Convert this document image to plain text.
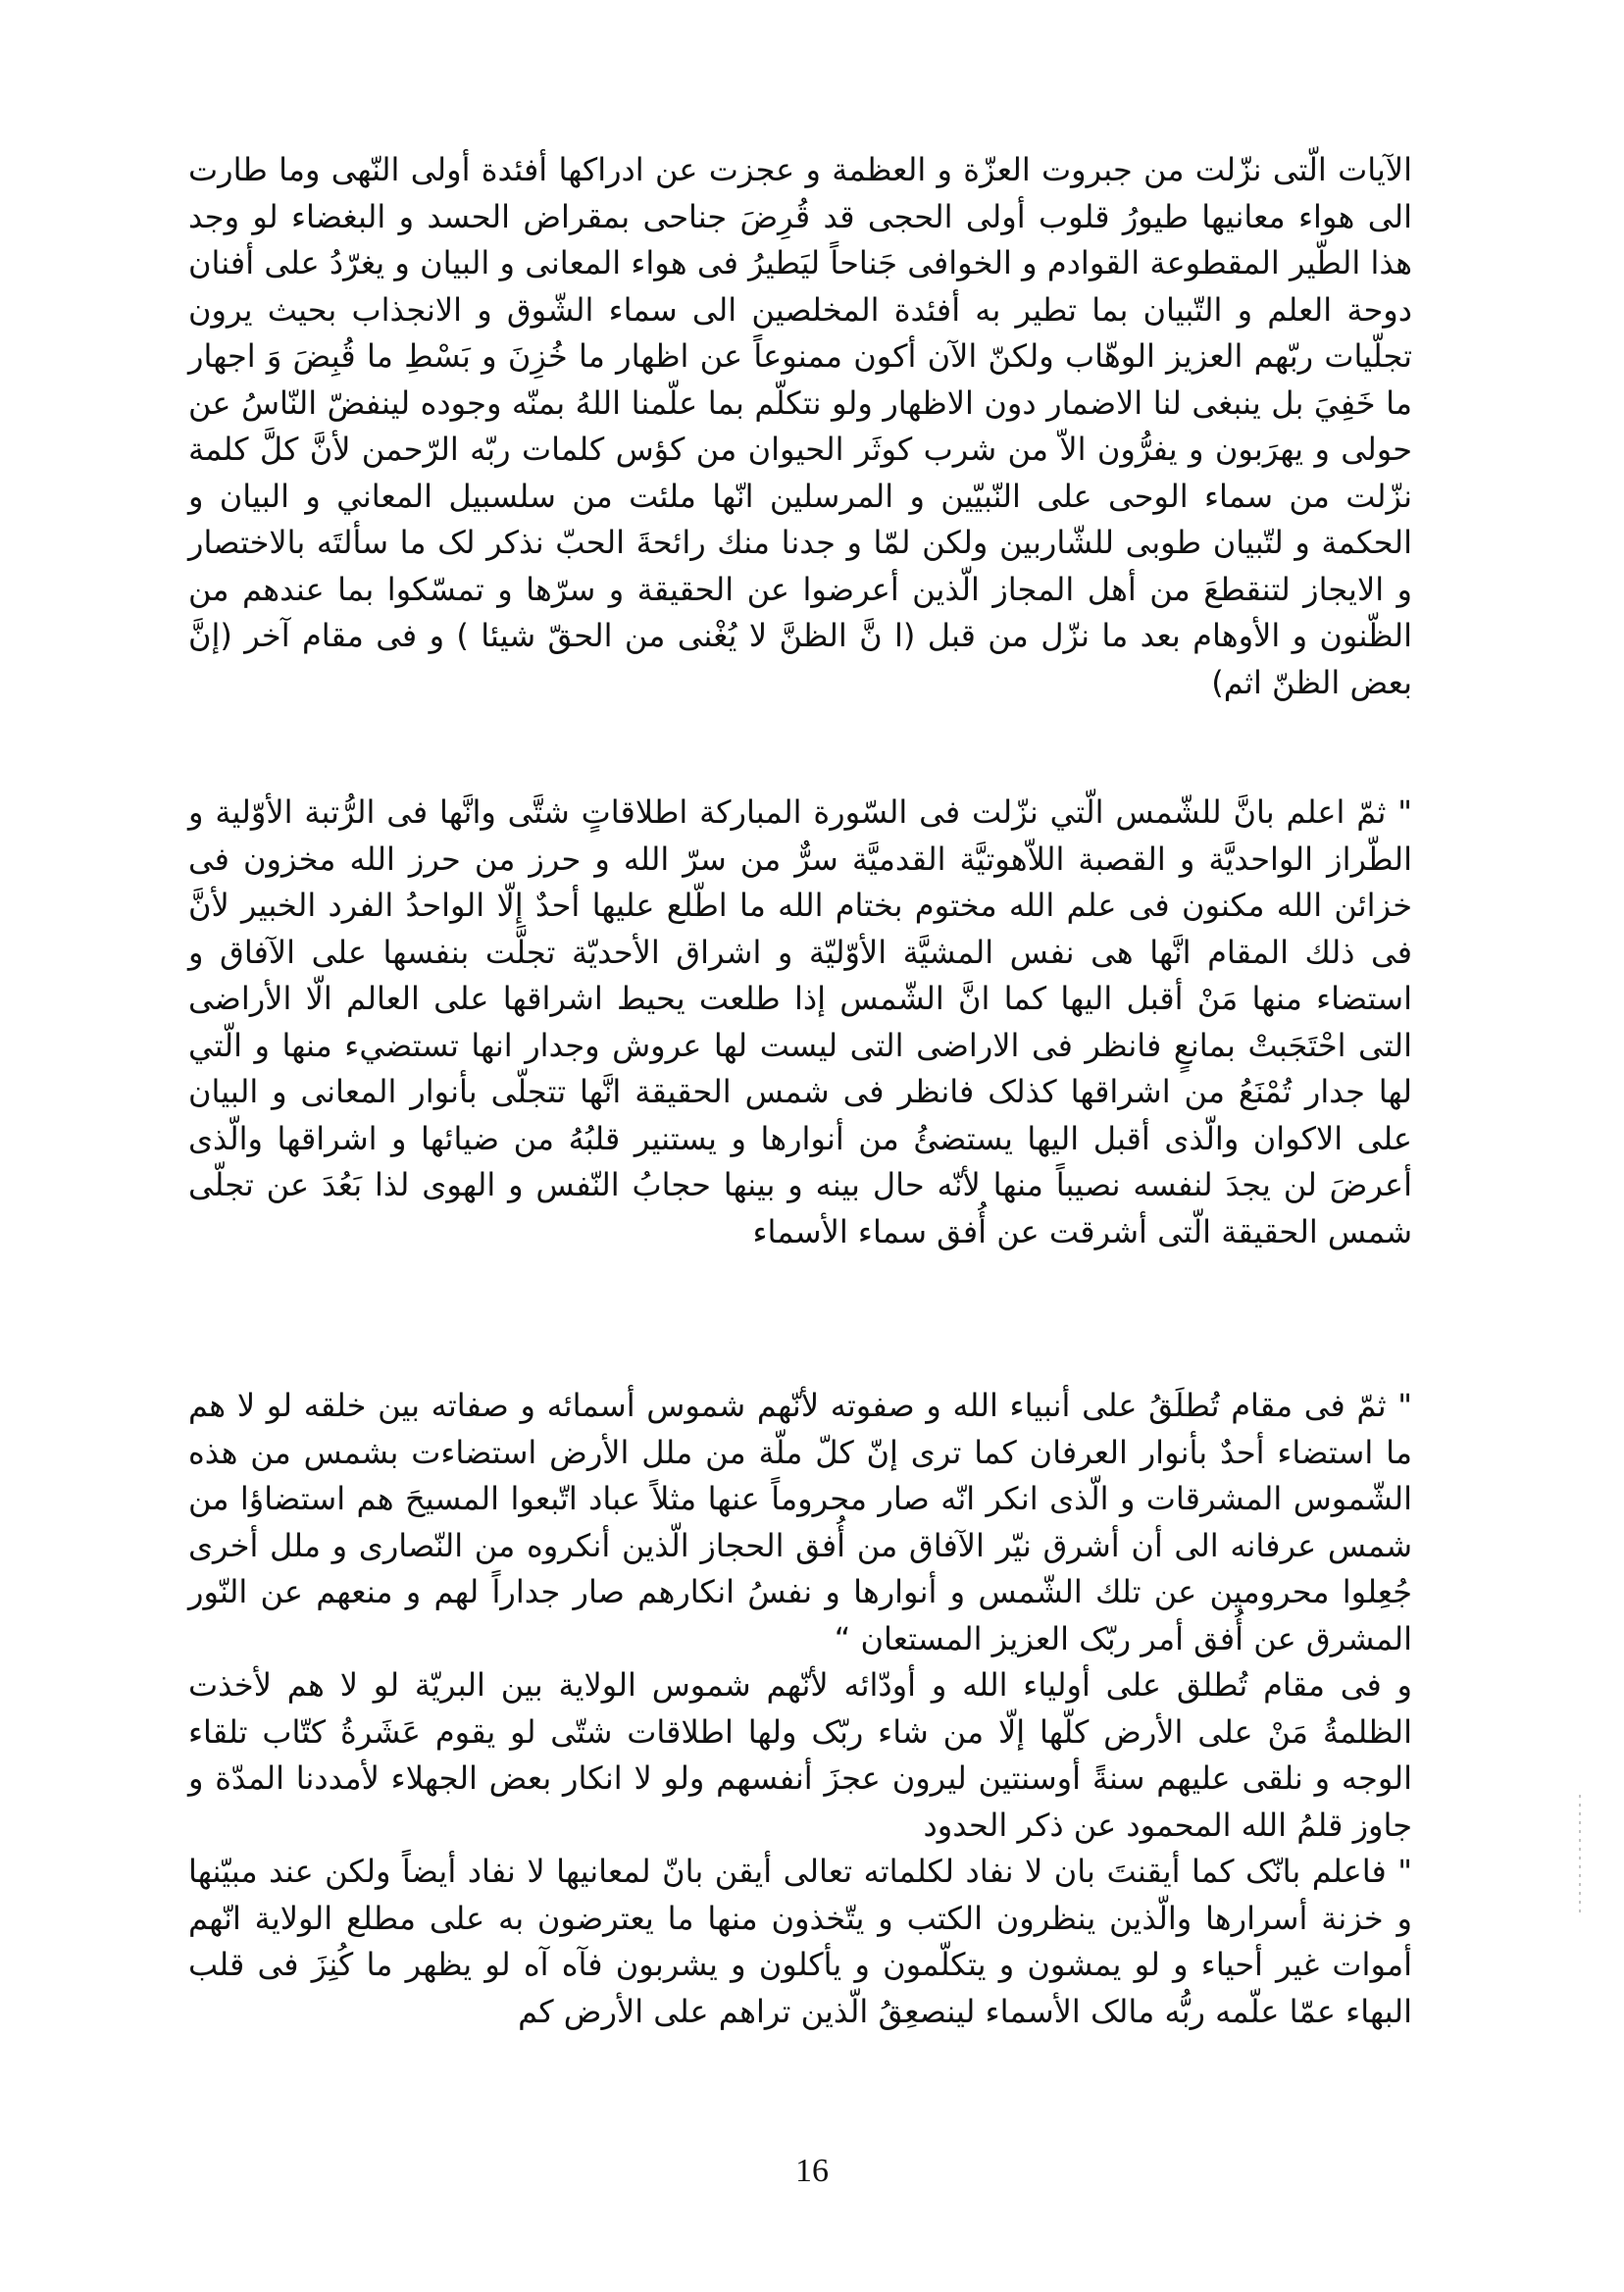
الآيات الّتى نزّلت من جبروت العزّة و العظمة و عجزت عن ادراكها أفئدة أولى النّهى وما طارت الى هواء معانيها طيورُ قلوب أولى الحجى قد قُرِضَ جناحى بمقراض الحسد و البغضاء لو وجد هذا الطّير المقطوعة القوادم و الخوافى جَناحاً ليَطيرُ فى هواء المعانى و البيان و يغرّدُ على أفنان دوحة العلم و التّبيان بما تطير به أفئدة المخلصين الى سماء الشّوق و الانجذاب بحيث يرون تجلّيات ربّهم العزيز الوهّاب ولكنّ الآن أكون ممنوعاً عن اظهار ما خُزِنَ و بَسْطِ ما قُبِضَ وَ اجهار ما خَفِيَ بل ينبغى لنا الاضمار دون الاظهار ولو نتكلّم بما علّمنا اللهُ بمنّه وجوده لينفضّ النّاسُ عن حولى و يهرَبون و يفرُّون الاّ من شرب كوثَر الحيوان من كؤس كلمات ربّه الرّحمن لأنَّ كلَّ كلمة نزّلت من سماء الوحى على النّبيّين و المرسلين انّها ملئت من سلسبيل المعاني و البيان و الحكمة و لتّبيان طوبى للشّاربين ولكن لمّا و جدنا منك رائحةَ الحبّ نذكر لک ما سألتَه بالاختصار و الايجاز لتنقطعَ من أهل المجاز الّذين أعرضوا عن الحقيقة و سرّها و تمسّكوا بما عندهم من الظّنون و الأوهام بعد ما نزّل من قبل (ا نَّ الظنَّ لا يُغْنى من الحقّ شيئا ) و فى مقام آخر (إنَّ بعض الظنّ اثم)

" ثمّ اعلم بانَّ للشّمس الّتي نزّلت فى السّورة المباركة اطلاقاتٍ شتَّى وانَّها فى الرُّتبة الأوّلية و الطّراز الواحديَّة و القصبة اللاّهوتيَّة القدميَّة سرٌّ من سرّ الله و حرز من حرز الله مخزون فى خزائن الله مكنون فى علم الله مختوم بختام الله ما اطّلع عليها أحدٌ إلّا الواحدُ الفرد الخبير لأنَّ فى ذلك المقام انَّها هى نفس المشيَّة الأوّليّة و اشراق الأحديّة تجلَّت بنفسها على الآفاق و استضاء منها مَنْ أقبل اليها كما انَّ الشّمس إذا طلعت يحيط اشراقها على العالم الّا الأراضى التى احْتَجَبتْ بمانعٍ فانظر فى الاراضى التى ليست لها عروش وجدار انها تستضيء منها و الّتي لها جدار تُمْنَعُ من اشراقها كذلک فانظر فى شمس الحقيقة انَّها تتجلّى بأنوار المعانى و البيان على الاكوان والّذى أقبل اليها يستضئُ من أنوارها و يستنير قلبُهُ من ضيائها و اشراقها والّذى أعرضَ لن يجدَ لنفسه نصيباً منها لأنّه حال بينه و بينها حجابُ النّفس و الهوى لذا بَعُدَ عن تجلّى شمس الحقيقة الّتى أشرقت عن أُفق سماء الأسماء

" ثمّ فى مقام تُطلَقُ على أنبياء الله و صفوته لأنّهم شموس أسمائه و صفاته بين خلقه لو لا هم ما استضاء أحدٌ بأنوار العرفان كما ترى إنّ كلّ ملّة من ملل الأرض استضاءت بشمس من هذه الشّموس المشرقات و الّذى انكر انّه صار محروماً عنها مثلاً عباد اتّبعوا المسيحَ هم استضاؤا من شمس عرفانه الى أن أشرق نيّر الآفاق من أُفق الحجاز الّذين أنكروه من النّصارى و ملل أخرى جُعِلوا محرومين عن تلك الشّمس و أنوارها و نفسُ انكارهم صار جداراً لهم و منعهم عن النّور المشرق عن أُفق أمر ربّک العزيز المستعان “
و فى مقام تُطلق على أولياء الله و أودّائه لأنّهم شموس الولاية بين البريّة لو لا هم لأخذت الظلمةُ مَنْ على الأرض كلّها إلّا من شاء ربّک ولها اطلاقات شتّى لو يقوم عَشَرةُ كتّاب تلقاء الوجه و نلقى عليهم سنةً أوسنتين ليرون عجزَ أنفسهم ولو لا انكار بعض الجهلاء لأمددنا المدّة و جاوز قلمُ الله المحمود عن ذكر الحدود
" فاعلم بانّک كما أيقنتَ بان لا نفاد لكلماته تعالى أيقن بانّ لمعانيها لا نفاد أيضاً ولكن عند مبيّنها و خزنة أسرارها والّذين ينظرون الكتب و يتّخذون منها ما يعترضون به على مطلع الولاية انّهم أموات غير أحياء و لو يمشون و يتكلّمون و يأكلون و يشربون فآه آه لو يظهر ما كُنِزَ فى قلب البهاء عمّا علّمه ربُّه مالک الأسماء لينصعِقُ الّذين تراهم على الأرض كم

16
